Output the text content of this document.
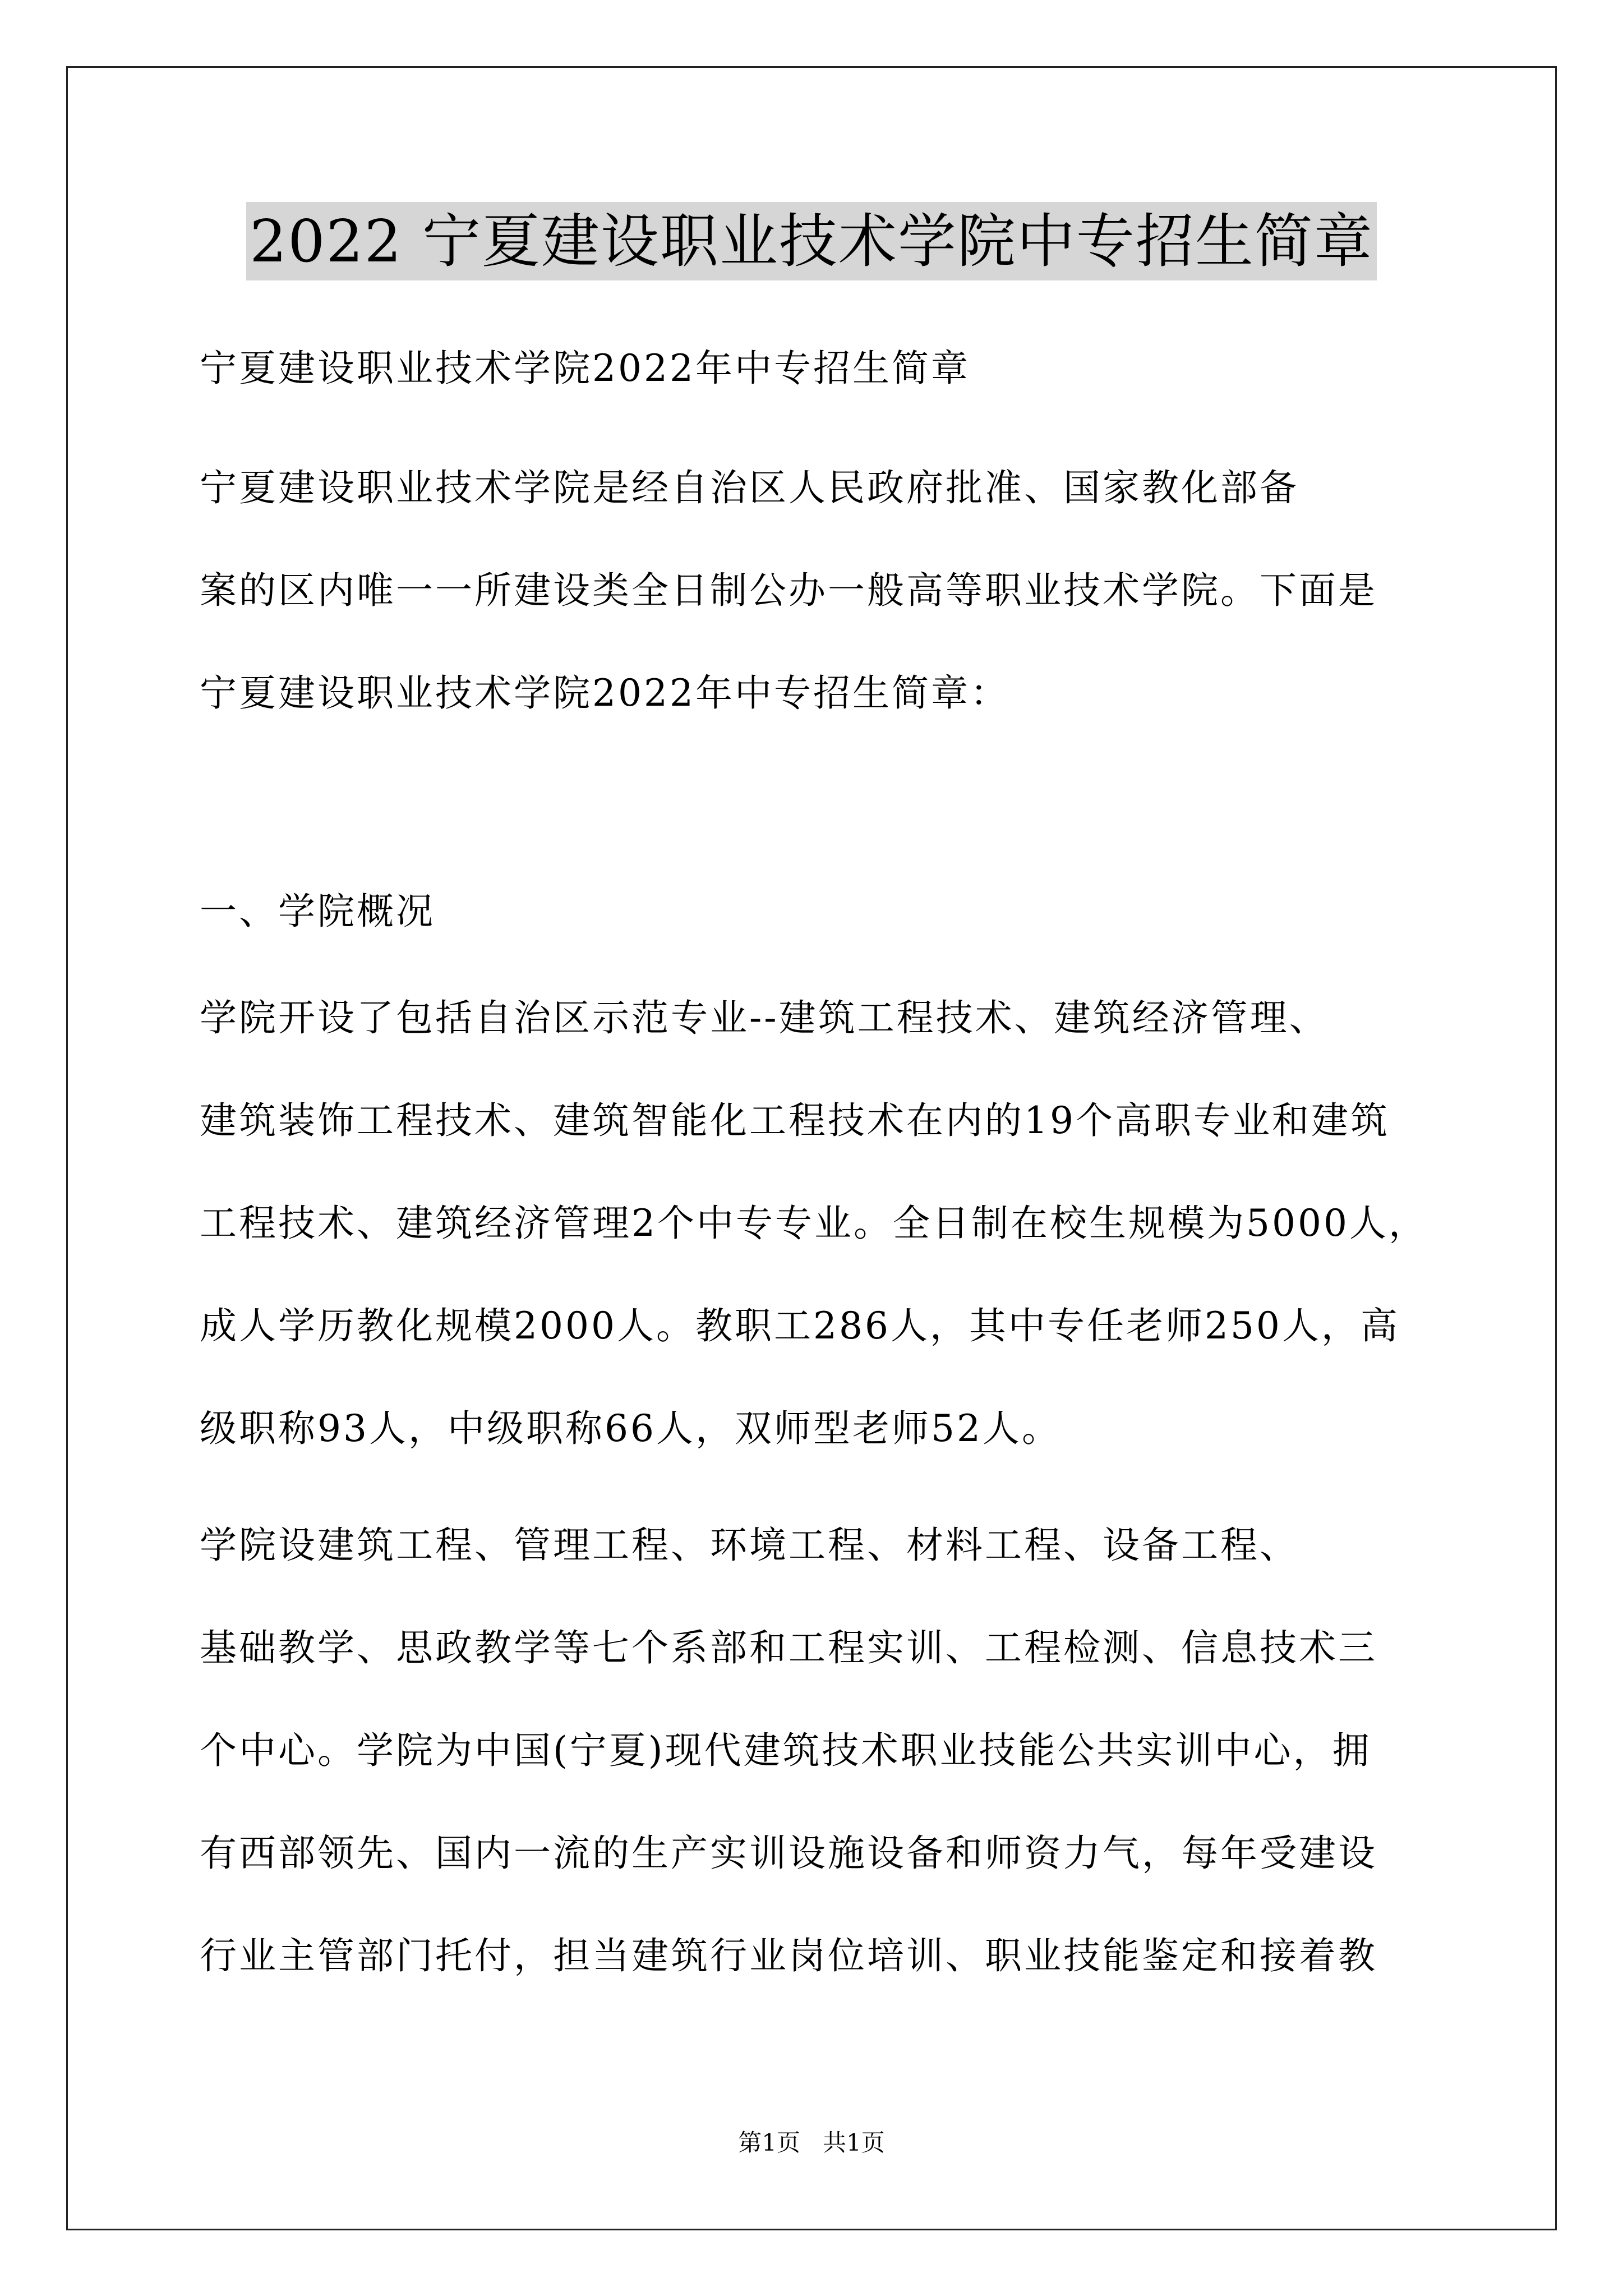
2022 宁夏建设职业技术学院中专招生简章

宁夏建设职业技术学院2022年中专招生简章

宁夏建设职业技术学院是经自治区人民政府批准、国家教化部备

案的区内唯一一所建设类全日制公办一般高等职业技术学院。下面是

宁夏建设职业技术学院2022年中专招生简章：

一、学院概况

学院开设了包括自治区示范专业--建筑工程技术、建筑经济管理、

建筑装饰工程技术、建筑智能化工程技术在内的19个高职专业和建筑

工程技术、建筑经济管理2个中专专业。全日制在校生规模为5000人，

成人学历教化规模2000人。教职工286人，其中专任老师250人，高

级职称93人，中级职称66人，双师型老师52人。

学院设建筑工程、管理工程、环境工程、材料工程、设备工程、

基础教学、思政教学等七个系部和工程实训、工程检测、信息技术三

个中心。学院为中国(宁夏)现代建筑技术职业技能公共实训中心，拥

有西部领先、国内一流的生产实训设施设备和师资力气，每年受建设

行业主管部门托付，担当建筑行业岗位培训、职业技能鉴定和接着教

第1页   共1页
